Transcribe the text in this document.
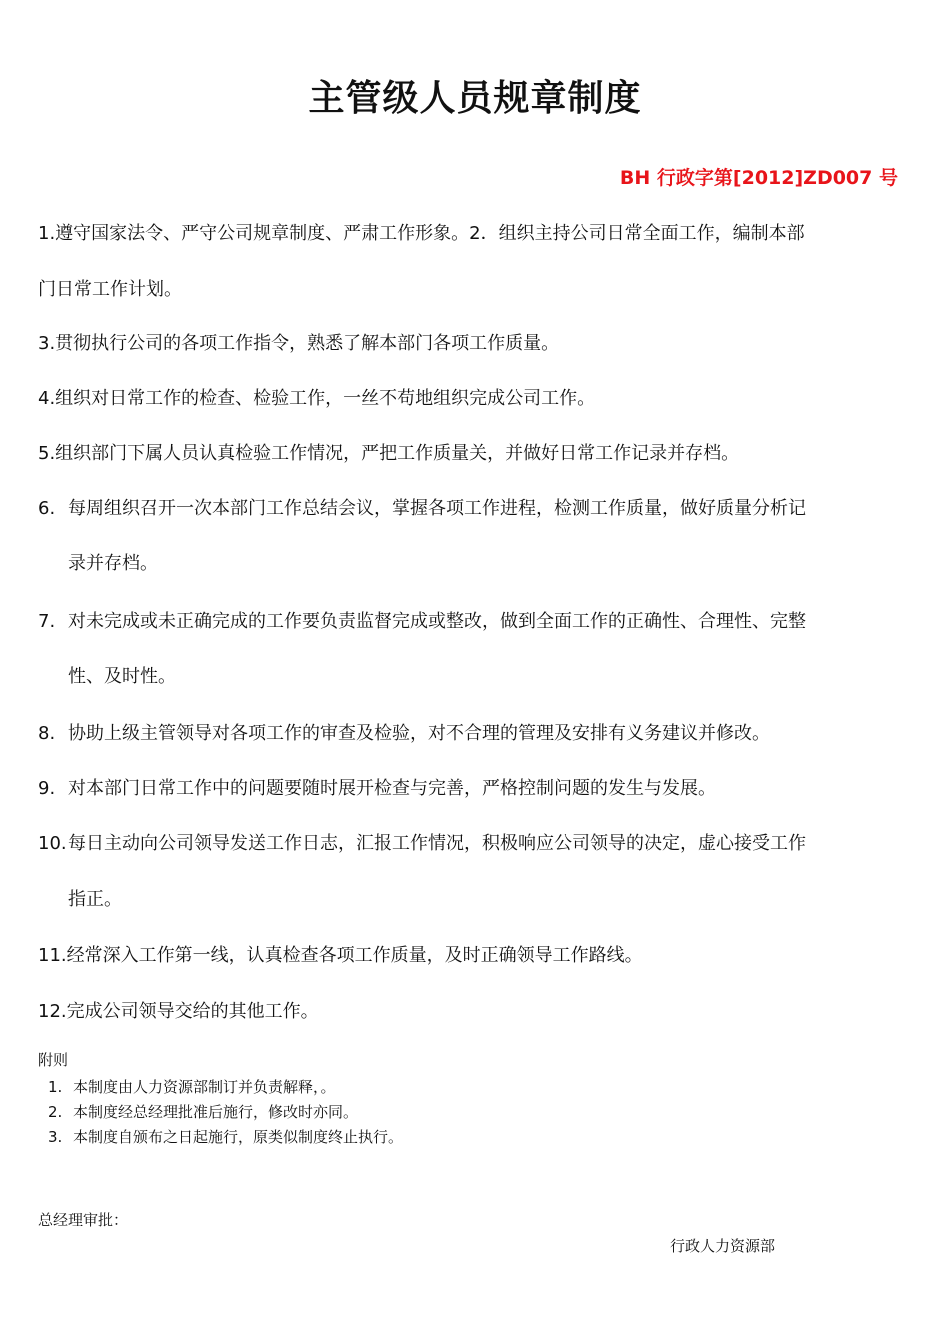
主管级人员规章制度
BH 行政字第[2012]ZD007 号
1.遵守国家法令、严守公司规章制度、严肃工作形象。2．组织主持公司日常全面工作，编制本部
门日常工作计划。
3.贯彻执行公司的各项工作指令，熟悉了解本部门各项工作质量。
4.组织对日常工作的检查、检验工作，一丝不苟地组织完成公司工作。
5.组织部门下属人员认真检验工作情况，严把工作质量关，并做好日常工作记录并存档。
6. 每周组织召开一次本部门工作总结会议，掌握各项工作进程，检测工作质量，做好质量分析记
录并存档。
7. 对未完成或未正确完成的工作要负责监督完成或整改，做到全面工作的正确性、合理性、完整
性、及时性。
8. 协助上级主管领导对各项工作的审查及检验，对不合理的管理及安排有义务建议并修改。
9. 对本部门日常工作中的问题要随时展开检查与完善，严格控制问题的发生与发展。
10.每日主动向公司领导发送工作日志，汇报工作情况，积极响应公司领导的决定，虚心接受工作
指正。
11.经常深入工作第一线，认真检查各项工作质量，及时正确领导工作路线。
12.完成公司领导交给的其他工作。
附则
1. 本制度由人力资源部制订并负责解释，。
2. 本制度经总经理批准后施行，修改时亦同。
3. 本制度自颁布之日起施行，原类似制度终止执行。
总经理审批：
行政人力资源部
